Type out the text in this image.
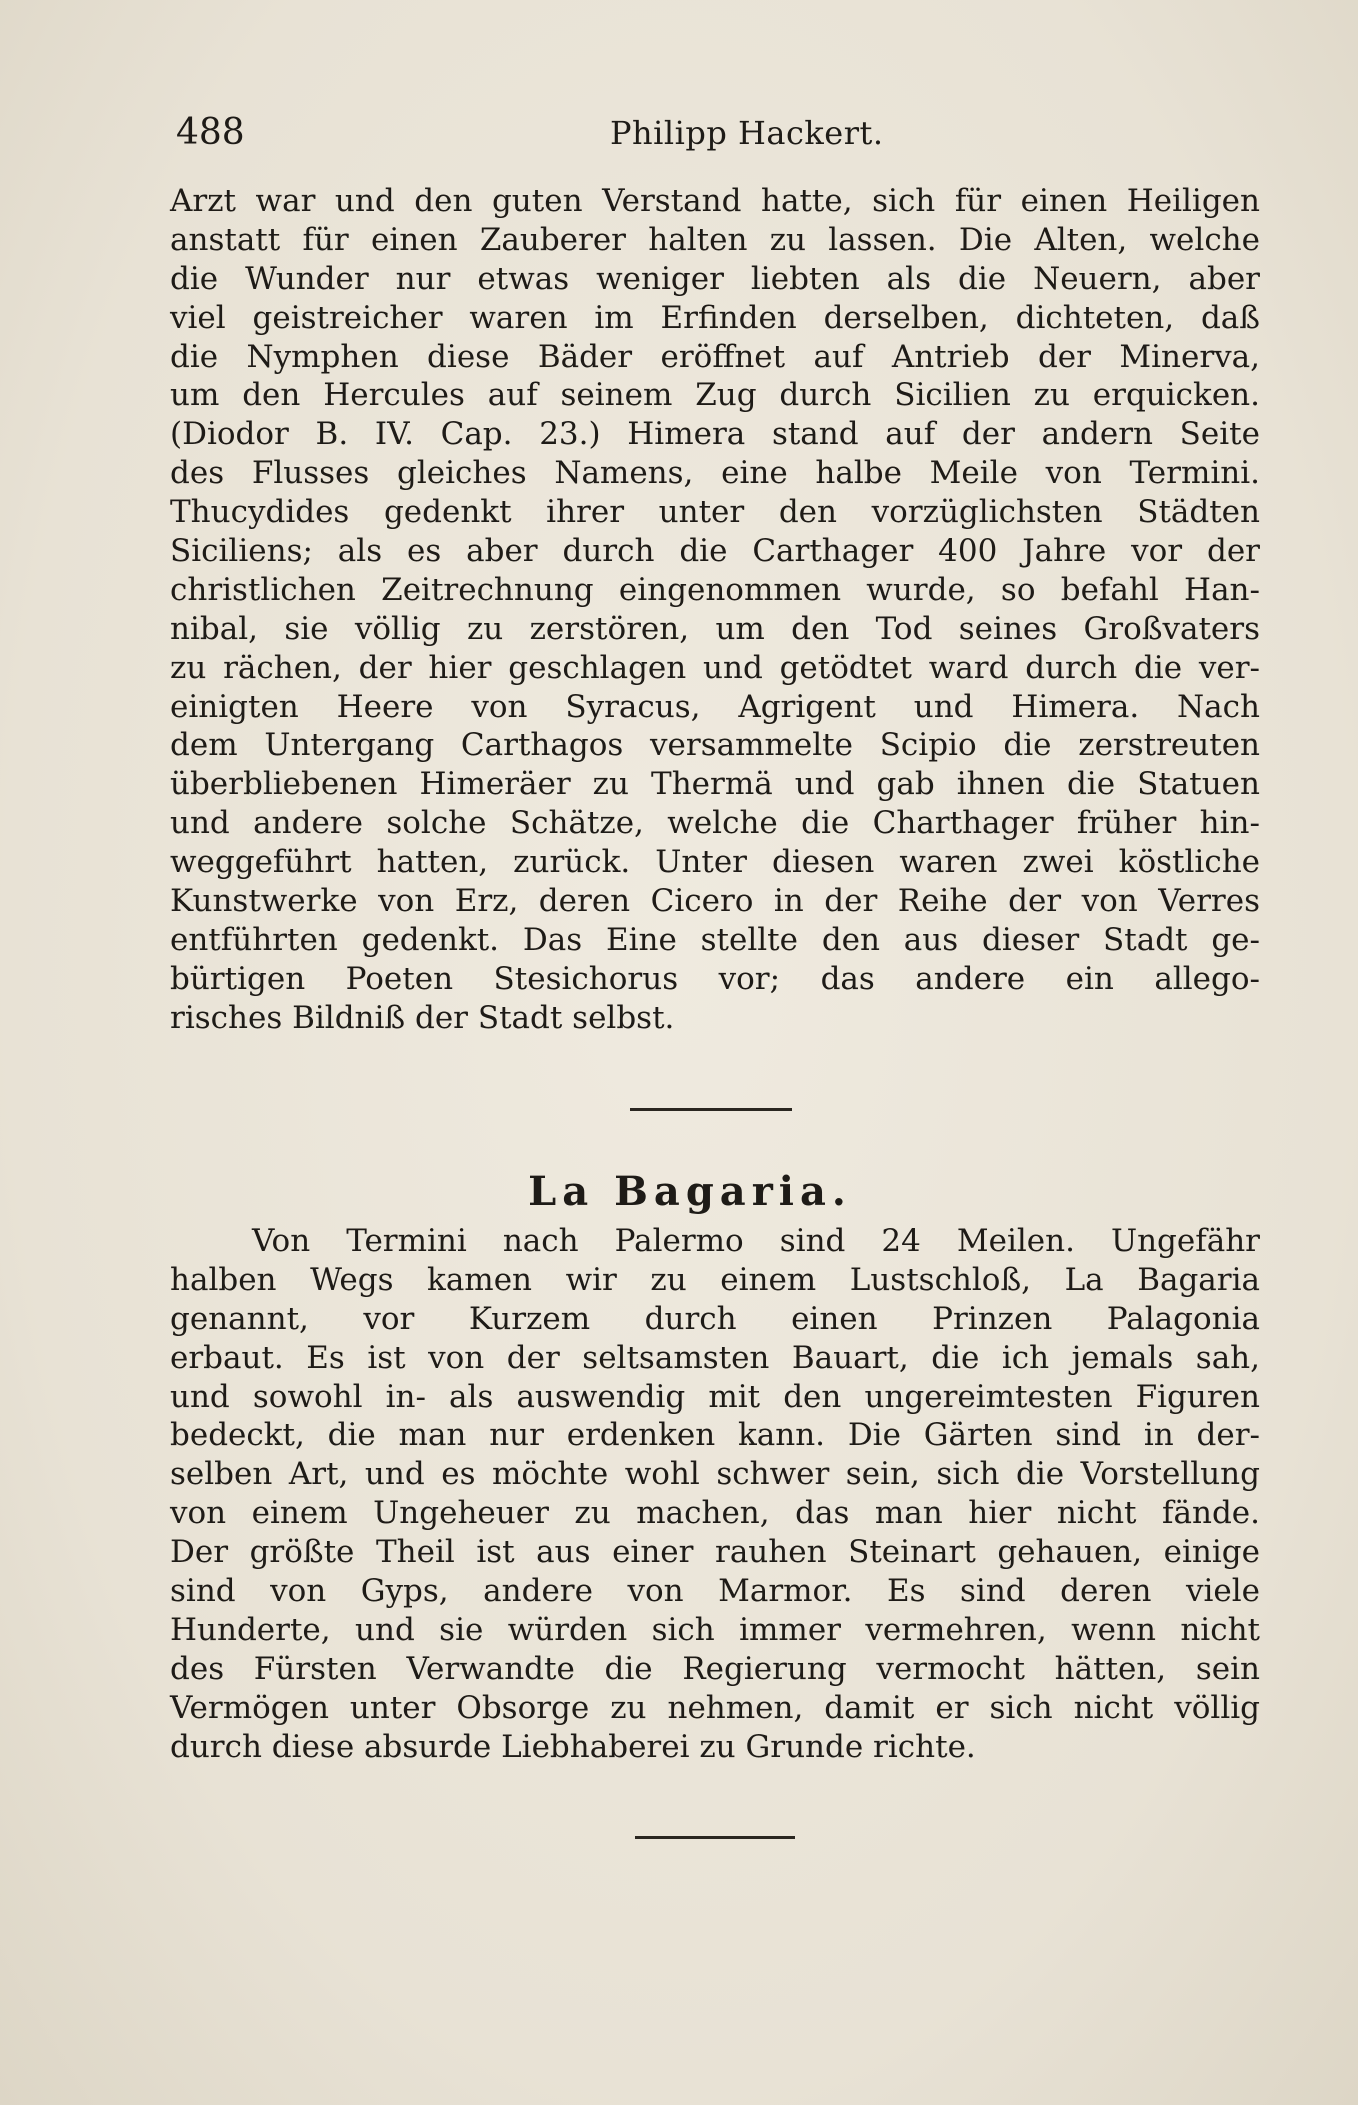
488	Philipp Hackert.
Arzt war und den guten Verstand hatte, sich für einen Heiligen
anstatt für einen Zauberer halten zu lassen. Die Alten, welche
die Wunder nur etwas weniger liebten als die Neuern, aber
viel geistreicher waren im Erfinden derselben, dichteten, daß
die Nymphen diese Bäder eröffnet auf Antrieb der Minerva,
um den Hercules auf seinem Zug durch Sicilien zu erquicken.
(Diodor B. IV. Cap. 23.) Himera stand auf der andern Seite
des Flusses gleiches Namens, eine halbe Meile von Termini.
Thucydides gedenkt ihrer unter den vorzüglichsten Städten
Siciliens; als es aber durch die Carthager 400 Jahre vor der
christlichen Zeitrechnung eingenommen wurde, so befahl Han-
nibal, sie völlig zu zerstören, um den Tod seines Großvaters
zu rächen, der hier geschlagen und getödtet ward durch die ver-
einigten Heere von Syracus, Agrigent und Himera. Nach
dem Untergang Carthagos versammelte Scipio die zerstreuten
überbliebenen Himeräer zu Thermä und gab ihnen die Statuen
und andere solche Schätze, welche die Charthager früher hin-
weggeführt hatten, zurück. Unter diesen waren zwei köstliche
Kunstwerke von Erz, deren Cicero in der Reihe der von Verres
entführten gedenkt. Das Eine stellte den aus dieser Stadt ge-
bürtigen Poeten Stesichorus vor; das andere ein allego-
risches Bildniß der Stadt selbst.
La Bagaria.
Von Termini nach Palermo sind 24 Meilen. Ungefähr
halben Wegs kamen wir zu einem Lustschloß, La Bagaria
genannt, vor Kurzem durch einen Prinzen Palagonia
erbaut. Es ist von der seltsamsten Bauart, die ich jemals sah,
und sowohl in- als auswendig mit den ungereimtesten Figuren
bedeckt, die man nur erdenken kann. Die Gärten sind in der-
selben Art, und es möchte wohl schwer sein, sich die Vorstellung
von einem Ungeheuer zu machen, das man hier nicht fände.
Der größte Theil ist aus einer rauhen Steinart gehauen, einige
sind von Gyps, andere von Marmor. Es sind deren viele
Hunderte, und sie würden sich immer vermehren, wenn nicht
des Fürsten Verwandte die Regierung vermocht hätten, sein
Vermögen unter Obsorge zu nehmen, damit er sich nicht völlig
durch diese absurde Liebhaberei zu Grunde richte.
